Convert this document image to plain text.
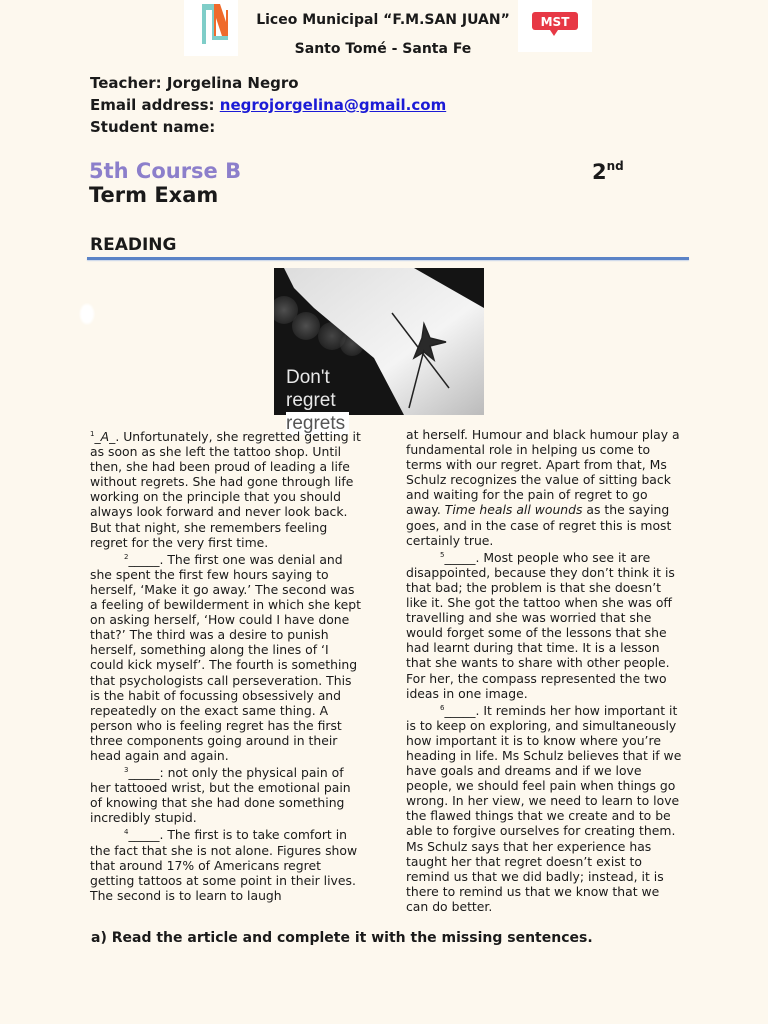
Liceo Municipal “F.M.SAN JUAN”
Santo Tomé - Santa Fe
MST
Teacher: Jorgelina Negro
Email address: negrojorgelina@gmail.com
Student name:
5th Course B	2nd
Term Exam
READING
Don't
regret
regrets

$^1$_A_. Unfortunately, she regretted getting it as soon as she left the tattoo shop. Until then, she had been proud of leading a life without regrets. She had gone through life working on the principle that you should always look forward and never look back. But that night, she remembers feeling regret for the very first time.

$^2$_____. The first one was denial and she spent the first few hours saying to herself, ‘Make it go away.’ The second was a feeling of bewilderment in which she kept on asking herself, ‘How could I have done that?’ The third was a desire to punish herself, something along the lines of ‘I could kick myself’. The fourth is something that psychologists call perseveration. This is the habit of focussing obsessively and repeatedly on the exact same thing. A person who is feeling regret has the first three components going around in their head again and again.

$^3$_____: not only the physical pain of her tattooed wrist, but the emotional pain of knowing that she had done something incredibly stupid.

$^4$_____. The first is to take comfort in the fact that she is not alone. Figures show that around 17% of Americans regret getting tattoos at some point in their lives. The second is to learn to laugh

at herself. Humour and black humour play a fundamental role in helping us come to terms with our regret. Apart from that, Ms Schulz recognizes the value of sitting back and waiting for the pain of regret to go away. Time heals all wounds as the saying goes, and in the case of regret this is most certainly true.

$^5$_____. Most people who see it are disappointed, because they don’t think it is that bad; the problem is that she doesn’t like it. She got the tattoo when she was off travelling and she was worried that she would forget some of the lessons that she had learnt during that time. It is a lesson that she wants to share with other people. For her, the compass represented the two ideas in one image.

$^6$_____. It reminds her how important it is to keep on exploring, and simultaneously how important it is to know where you’re heading in life. Ms Schulz believes that if we have goals and dreams and if we love people, we should feel pain when things go wrong. In her view, we need to learn to love the flawed things that we create and to be able to forgive ourselves for creating them. Ms Schulz says that her experience has taught her that regret doesn’t exist to remind us that we did badly; instead, it is there to remind us that we know that we can do better.

a) Read the article and complete it with the missing sentences.
